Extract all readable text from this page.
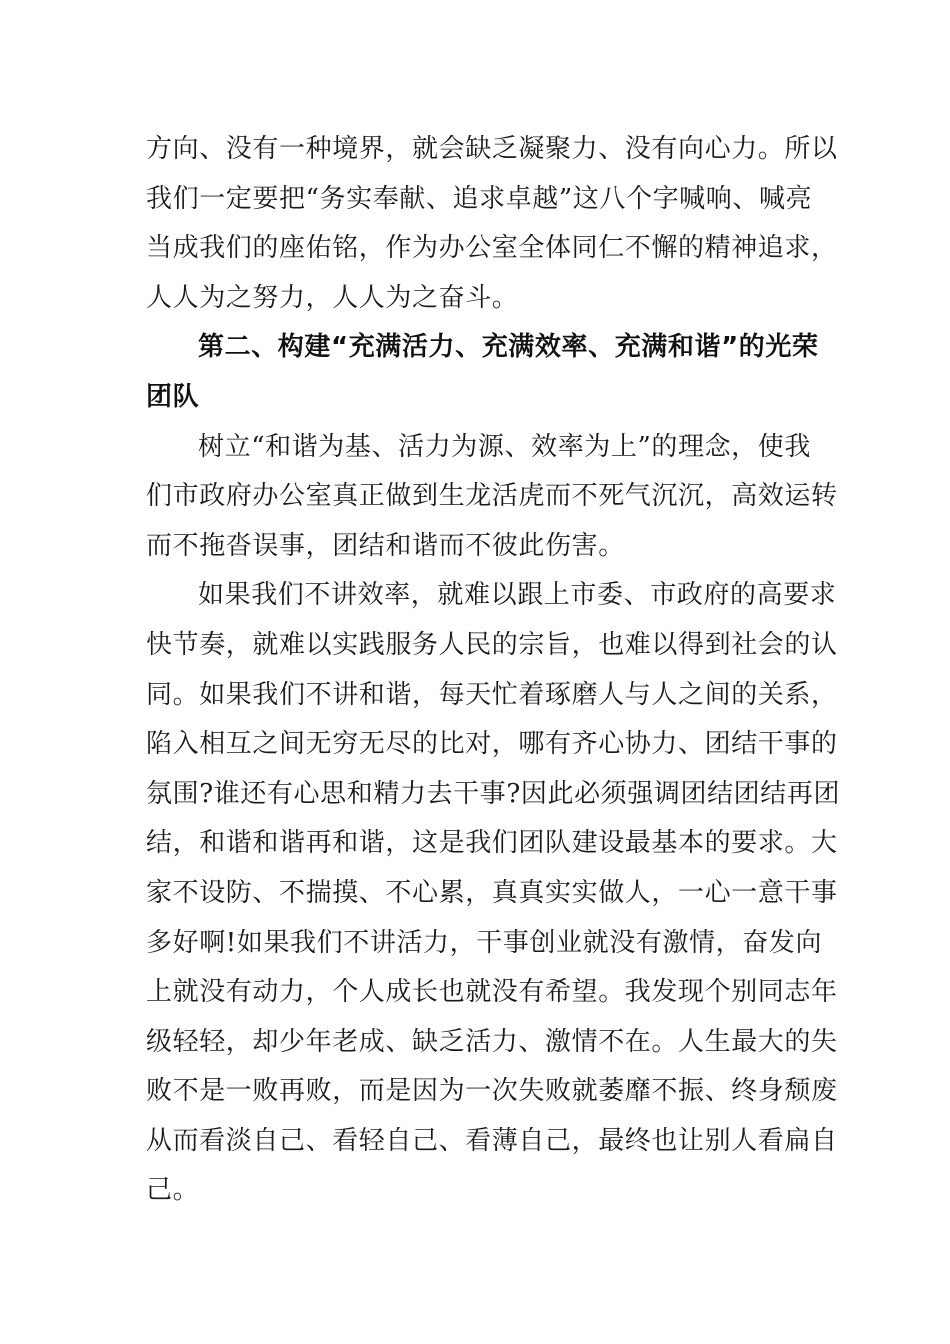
方向、没有一种境界，就会缺乏凝聚力、没有向心力。所以
我们一定要把“务实奉献、追求卓越”这八个字喊响、喊亮
当成我们的座佑铭，作为办公室全体同仁不懈的精神追求，
人人为之努力，人人为之奋斗。
第二、构建“充满活力、充满效率、充满和谐”的光荣
团队
树立“和谐为基、活力为源、效率为上”的理念，使我
们市政府办公室真正做到生龙活虎而不死气沉沉，高效运转
而不拖沓误事，团结和谐而不彼此伤害。
如果我们不讲效率，就难以跟上市委、市政府的高要求
快节奏，就难以实践服务人民的宗旨，也难以得到社会的认
同。如果我们不讲和谐，每天忙着琢磨人与人之间的关系，
陷入相互之间无穷无尽的比对，哪有齐心协力、团结干事的
氛围?谁还有心思和精力去干事?因此必须强调团结团结再团
结，和谐和谐再和谐，这是我们团队建设最基本的要求。大
家不设防、不揣摸、不心累，真真实实做人，一心一意干事
多好啊!如果我们不讲活力，干事创业就没有激情，奋发向
上就没有动力，个人成长也就没有希望。我发现个别同志年
级轻轻，却少年老成、缺乏活力、激情不在。人生最大的失
败不是一败再败，而是因为一次失败就萎靡不振、终身颓废
从而看淡自己、看轻自己、看薄自己，最终也让别人看扁自
己。
